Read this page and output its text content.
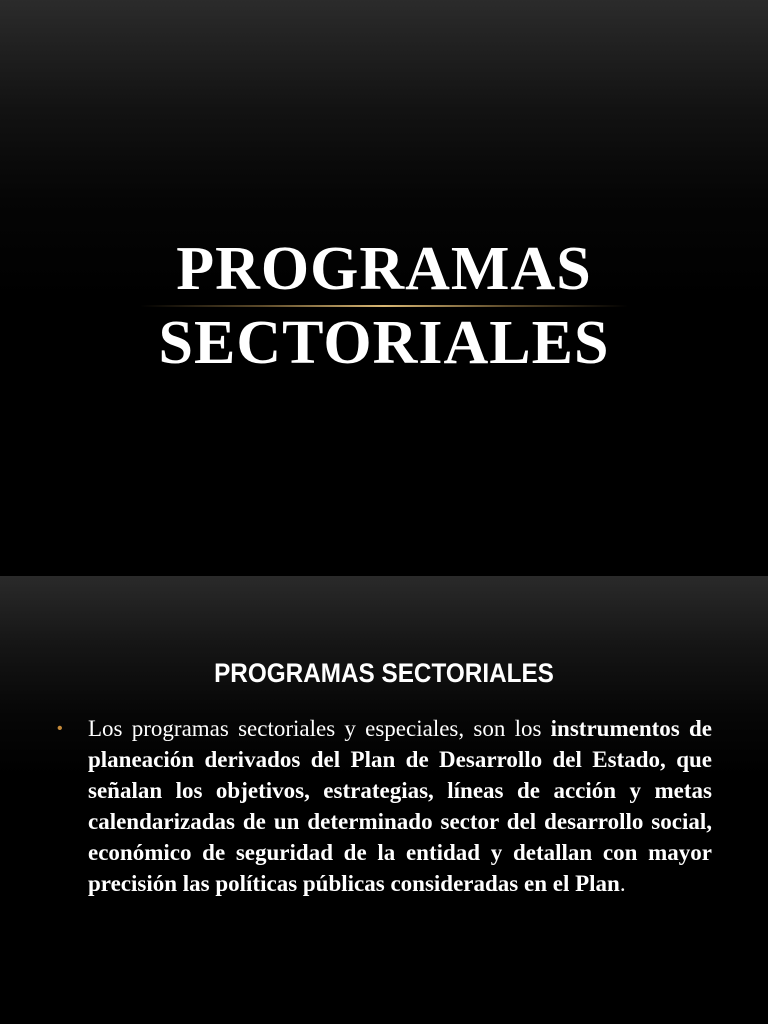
PROGRAMAS
SECTORIALES
PROGRAMAS SECTORIALES
• Los programas sectoriales y especiales, son los instrumentos de planeación derivados del Plan de Desarrollo del Estado, que señalan los objetivos, estrategias, líneas de acción y metas calendarizadas de un determinado sector del desarrollo social, económico de seguridad de la entidad y detallan con mayor precisión las políticas públicas consideradas en el Plan.
